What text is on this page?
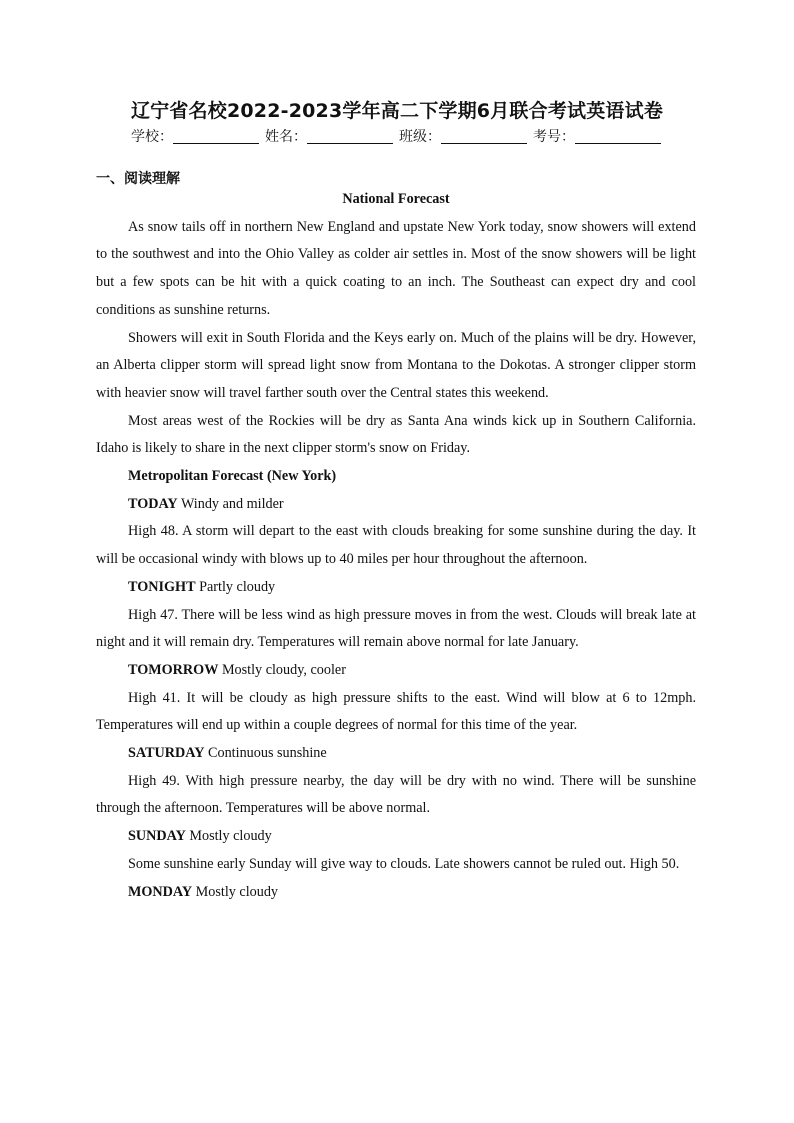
辽宁省名校2022-2023学年高二下学期6月联合考试英语试卷
学校：	姓名：	班级：	考号：
一、阅读理解
National Forecast

As snow tails off in northern New England and upstate New York today, snow showers will extend to the southwest and into the Ohio Valley as colder air settles in. Most of the snow showers will be light but a few spots can be hit with a quick coating to an inch. The Southeast can expect dry and cool conditions as sunshine returns.

Showers will exit in South Florida and the Keys early on. Much of the plains will be dry. However, an Alberta clipper storm will spread light snow from Montana to the Dokotas. A stronger clipper storm with heavier snow will travel farther south over the Central states this weekend.

Most areas west of the Rockies will be dry as Santa Ana winds kick up in Southern California. Idaho is likely to share in the next clipper storm's snow on Friday.

Metropolitan Forecast (New York)

TODAY Windy and milder

High 48. A storm will depart to the east with clouds breaking for some sunshine during the day. It will be occasional windy with blows up to 40 miles per hour throughout the afternoon.

TONIGHT Partly cloudy

High 47. There will be less wind as high pressure moves in from the west. Clouds will break late at night and it will remain dry. Temperatures will remain above normal for late January.

TOMORROW Mostly cloudy, cooler

High 41. It will be cloudy as high pressure shifts to the east. Wind will blow at 6 to 12mph. Temperatures will end up within a couple degrees of normal for this time of the year.

SATURDAY Continuous sunshine

High 49. With high pressure nearby, the day will be dry with no wind. There will be sunshine through the afternoon. Temperatures will be above normal.

SUNDAY Mostly cloudy

Some sunshine early Sunday will give way to clouds. Late showers cannot be ruled out. High 50.

MONDAY Mostly cloudy
